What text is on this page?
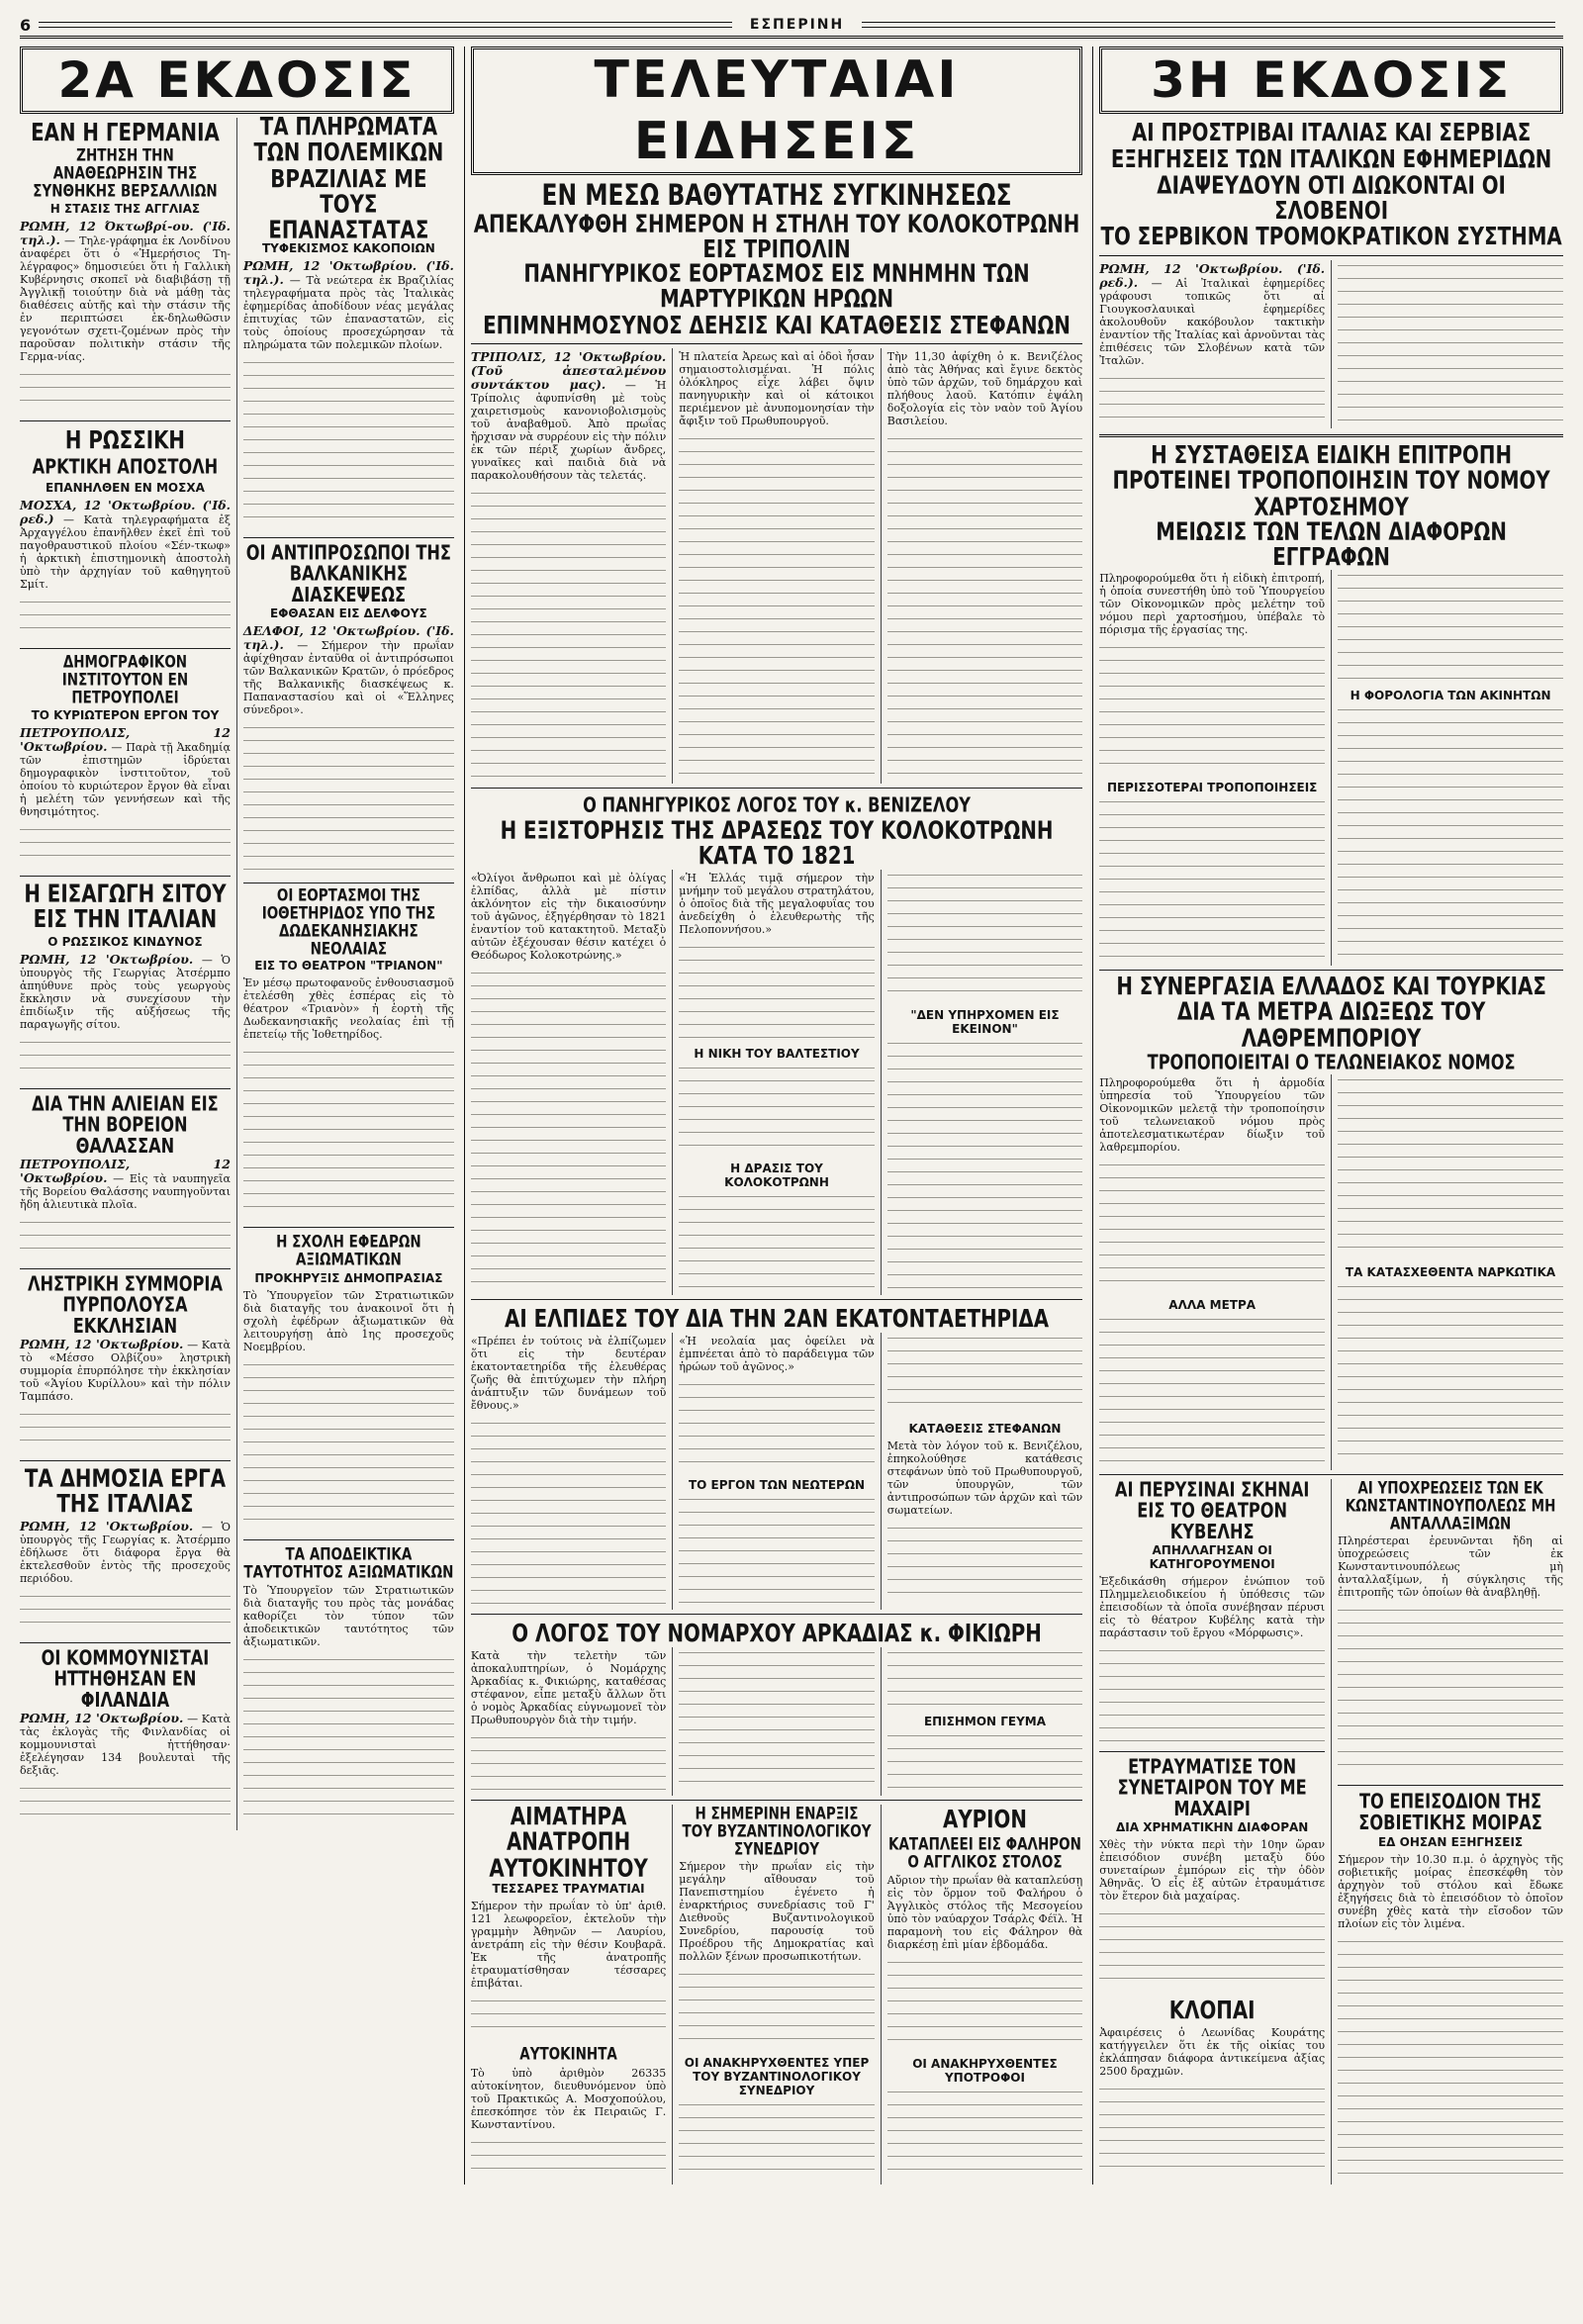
6	ΕΣΠΕΡΙΝΗ
2Α ΕΚΔΟΣΙΣ
ΕΑΝ Η ΓΕΡΜΑΝΙΑ
ΖΗΤΗΣΗ ΤΗΝ ΑΝΑΘΕΩΡΗΣΙΝ ΤΗΣ ΣΥΝΘΗΚΗΣ ΒΕΡΣΑΛΛΙΩΝ
Η ΣΤΑΣΙΣ ΤΗΣ ΑΓΓΛΙΑΣ
ΡΩΜΗ, 12 Όκτωβρί-ου. ('Ιδ. τηλ.). — Τηλε-γράφημα ἐκ Λονδίνου ἀναφέρει ὅτι ὁ «Ἡμερήσιος Τη-λέγραφος» δημοσιεύει ὅτι ἡ Γαλλικὴ Κυβέρνησις σκοπεῖ νὰ διαβιβάσῃ τῇ Ἀγγλικῇ τοιούτην διὰ νὰ μάθῃ τὰς διαθέσεις αὐτῆς καὶ τὴν στάσιν τῆς ἐν περιπτώσει ἐκ-δηλωθῶσιν γεγονότων σχετι-ζομένων πρὸς τὴν παροῦσαν πολιτικὴν στάσιν τῆς Γερμα-νίας.
Η ΡΩΣΣΙΚΗ
ΑΡΚΤΙΚΗ ΑΠΟΣΤΟΛΗ
ΕΠΑΝΗΛΘΕΝ ΕΝ ΜΟΣΧΑ
ΜΟΣΧΑ, 12 'Οκτωβρίου. ('Ιδ. ρεδ.) — Κατὰ τηλεγραφήματα ἐξ Ἀρχαγγέλου ἐπανῆλθεν ἐκεῖ ἐπὶ τοῦ παγοθραυστικοῦ πλοίου «Σέν-τκωφ» ἡ ἀρκτικὴ ἐπιστημονικὴ ἀποστολὴ ὑπὸ τὴν ἀρχηγίαν τοῦ καθηγητοῦ Σμίτ.
ΔΗΜΟΓΡΑΦΙΚΟΝ ΙΝΣΤΙΤΟΥΤΟΝ ΕΝ ΠΕΤΡΟΥΠΟΛΕΙ
ΤΟ ΚΥΡΙΩΤΕΡΟΝ ΕΡΓΟΝ ΤΟΥ
ΠΕΤΡΟΥΠΟΛΙΣ, 12 'Οκτωβρίου. — Παρὰ τῇ Ἀκαδημίᾳ τῶν ἐπιστημῶν ἱδρύεται δημογραφικὸν ἰνστιτοῦτον, τοῦ ὁποίου τὸ κυριώτερον ἔργον θὰ εἶναι ἡ μελέτη τῶν γεννήσεων καὶ τῆς θνησιμότητος.
Η ΕΙΣΑΓΩΓΗ ΣΙΤΟΥ ΕΙΣ ΤΗΝ ΙΤΑΛΙΑΝ
Ο ΡΩΣΣΙΚΟΣ ΚΙΝΔΥΝΟΣ
ΡΩΜΗ, 12 'Οκτωβρίου. — Ὁ ὑπουργὸς τῆς Γεωργίας Ἀτσέρμπο ἀπηύθυνε πρὸς τοὺς γεωργοὺς ἔκκλησιν νὰ συνεχίσουν τὴν ἐπιδίωξιν τῆς αὐξήσεως τῆς παραγωγῆς σίτου.
ΔΙΑ ΤΗΝ ΑΛΙΕΙΑΝ ΕΙΣ ΤΗΝ ΒΟΡΕΙΟΝ ΘΑΛΑΣΣΑΝ
ΠΕΤΡΟΥΠΟΛΙΣ, 12 'Οκτωβρίου. — Εἰς τὰ ναυπηγεῖα τῆς Βορείου Θαλάσσης ναυπηγοῦνται ἤδη ἁλιευτικὰ πλοῖα.
ΛΗΣΤΡΙΚΗ ΣΥΜΜΟΡΙΑ ΠΥΡΠΟΛΟΥΣΑ ΕΚΚΛΗΣΙΑΝ
ΡΩΜΗ, 12 'Οκτωβρίου. — Κατὰ τὸ «Μέσσο Ολβίζου» ληστρικὴ συμμορία ἐπυρπόλησε τὴν ἐκκλησίαν τοῦ «Ἁγίου Κυρίλλου» καὶ τὴν πόλιν Ταμπάσο.
ΤΑ ΔΗΜΟΣΙΑ ΕΡΓΑ ΤΗΣ ΙΤΑΛΙΑΣ
ΡΩΜΗ, 12 'Οκτωβρίου. — Ὁ ὑπουργὸς τῆς Γεωργίας κ. Ἀτσέρμπο ἐδήλωσε ὅτι διάφορα ἔργα θὰ ἐκτελεσθοῦν ἐντὸς τῆς προσεχοῦς περιόδου.
ΟΙ ΚΟΜΜΟΥΝΙΣΤΑΙ ΗΤΤΗΘΗΣΑΝ ΕΝ ΦΙΛΑΝΔΙΑ
ΡΩΜΗ, 12 'Οκτωβρίου. — Κατὰ τὰς ἐκλογὰς τῆς Φινλανδίας οἱ κομμουνισταὶ ἠττήθησαν· ἐξελέγησαν 134 βουλευταὶ τῆς δεξιᾶς.
ΤΑ ΠΛΗΡΩΜΑΤΑ ΤΩΝ ΠΟΛΕΜΙΚΩΝ ΒΡΑΖΙΛΙΑΣ ΜΕ ΤΟΥΣ ΕΠΑΝΑΣΤΑΤΑΣ
ΤΥΦΕΚΙΣΜΟΣ ΚΑΚΟΠΟΙΩΝ
ΡΩΜΗ, 12 'Οκτωβρίου. ('Ιδ. τηλ.). — Τὰ νεώτερα ἐκ Βραζιλίας τηλεγραφήματα πρὸς τὰς Ἰταλικὰς ἐφημερίδας ἀποδίδουν νέας μεγάλας ἐπιτυχίας τῶν ἐπαναστατῶν, εἰς τοὺς ὁποίους προσεχώρησαν τὰ πληρώματα τῶν πολεμικῶν πλοίων.
ΟΙ ΑΝΤΙΠΡΟΣΩΠΟΙ ΤΗΣ ΒΑΛΚΑΝΙΚΗΣ ΔΙΑΣΚΕΨΕΩΣ
ΕΦΘΑΣΑΝ ΕΙΣ ΔΕΛΦΟΥΣ
ΔΕΛΦΟΙ, 12 'Οκτωβρίου. ('Ιδ. τηλ.). — Σήμερον τὴν πρωΐαν ἀφίχθησαν ἐνταῦθα οἱ ἀντιπρόσωποι τῶν Βαλκανικῶν Κρατῶν, ὁ πρόεδρος τῆς Βαλκανικῆς διασκέψεως κ. Παπαναστασίου καὶ οἱ «Ἕλληνες σύνεδροι».
ΟΙ ΕΟΡΤΑΣΜΟΙ ΤΗΣ ΙΟΘΕΤΗΡΙΔΟΣ ΥΠΟ ΤΗΣ ΔΩΔΕΚΑΝΗΣΙΑΚΗΣ ΝΕΟΛΑΙΑΣ
ΕΙΣ ΤΟ ΘΕΑΤΡΟΝ "ΤΡΙΑΝΟΝ"
Ἐν μέσῳ πρωτοφανοῦς ἐνθουσιασμοῦ ἐτελέσθη χθὲς ἑσπέρας εἰς τὸ θέατρον «Τριανὸν» ἡ ἑορτὴ τῆς Δωδεκανησιακῆς νεολαίας ἐπὶ τῇ ἐπετείῳ τῆς Ἰοθετηρίδος.
Η ΣΧΟΛΗ ΕΦΕΔΡΩΝ ΑΞΙΩΜΑΤΙΚΩΝ
ΠΡΟΚΗΡΥΞΙΣ ΔΗΜΟΠΡΑΣΙΑΣ
Τὸ Ὑπουργεῖον τῶν Στρατιωτικῶν διὰ διαταγῆς του ἀνακοινοῖ ὅτι ἡ σχολὴ ἐφέδρων ἀξιωματικῶν θὰ λειτουργήσῃ ἀπὸ 1ης προσεχοῦς Νοεμβρίου.
ΤΑ ΑΠΟΔΕΙΚΤΙΚΑ ΤΑΥΤΟΤΗΤΟΣ ΑΞΙΩΜΑΤΙΚΩΝ
Τὸ Ὑπουργεῖον τῶν Στρατιωτικῶν διὰ διαταγῆς του πρὸς τὰς μονάδας καθορίζει τὸν τύπον τῶν ἀποδεικτικῶν ταυτότητος τῶν ἀξιωματικῶν.
ΤΕΛΕΥΤΑΙΑΙ ΕΙΔΗΣΕΙΣ
ΕΝ ΜΕΣΩ ΒΑΘΥΤΑΤΗΣ ΣΥΓΚΙΝΗΣΕΩΣ
ΑΠΕΚΑΛΥΦΘΗ ΣΗΜΕΡΟΝ Η ΣΤΗΛΗ ΤΟΥ ΚΟΛΟΚΟΤΡΩΝΗ ΕΙΣ ΤΡΙΠΟΛΙΝ
ΠΑΝΗΓΥΡΙΚΟΣ ΕΟΡΤΑΣΜΟΣ ΕΙΣ ΜΝΗΜΗΝ ΤΩΝ ΜΑΡΤΥΡΙΚΩΝ ΗΡΩΩΝ
ΕΠΙΜΝΗΜΟΣΥΝΟΣ ΔΕΗΣΙΣ ΚΑΙ ΚΑΤΑΘΕΣΙΣ ΣΤΕΦΑΝΩΝ
ΤΡΙΠΟΛΙΣ, 12 'Οκτωβρίου. (Τοῦ ἀπεσταλμένου συντάκτου μας). — Ἡ Τρίπολις ἀφυπνίσθη μὲ τοὺς χαιρετισμοὺς κανονιοβολισμοὺς τοῦ ἀναβαθμοῦ. Ἀπὸ πρωΐας ἤρχισαν νὰ συρρέουν εἰς τὴν πόλιν ἐκ τῶν πέριξ χωρίων ἄνδρες, γυναῖκες καὶ παιδιὰ διὰ νὰ παρακολουθήσουν τὰς τελετάς.
Ἡ πλατεία Ἀρεως καὶ αἱ ὁδοὶ ἦσαν σημαιοστολισμέναι. Ἡ πόλις ὁλόκληρος εἶχε λάβει ὄψιν πανηγυρικὴν καὶ οἱ κάτοικοι περιέμενον μὲ ἀνυπομονησίαν τὴν ἄφιξιν τοῦ Πρωθυπουργοῦ.
Τὴν 11,30 ἀφίχθη ὁ κ. Βενιζέλος ἀπὸ τὰς Ἀθήνας καὶ ἔγινε δεκτὸς ὑπὸ τῶν ἀρχῶν, τοῦ δημάρχου καὶ πλήθους λαοῦ. Κατόπιν ἐψάλη δοξολογία εἰς τὸν ναὸν τοῦ Ἁγίου Βασιλείου.
Ο ΠΑΝΗΓΥΡΙΚΟΣ ΛΟΓΟΣ ΤΟΥ κ. ΒΕΝΙΖΕΛΟΥ
Η ΕΞΙΣΤΟΡΗΣΙΣ ΤΗΣ ΔΡΑΣΕΩΣ ΤΟΥ ΚΟΛΟΚΟΤΡΩΝΗ ΚΑΤΑ ΤΟ 1821
«Ὀλίγοι ἄνθρωποι καὶ μὲ ὀλίγας ἐλπίδας, ἀλλὰ μὲ πίστιν ἀκλόνητον εἰς τὴν δικαιοσύνην τοῦ ἀγῶνος, ἐξηγέρθησαν τὸ 1821 ἐναντίον τοῦ κατακτητοῦ. Μεταξὺ αὐτῶν ἐξέχουσαν θέσιν κατέχει ὁ Θεόδωρος Κολοκοτρώνης.»
«Ἡ Ἑλλάς τιμᾷ σήμερον τὴν μνήμην τοῦ μεγάλου στρατηλάτου, ὁ ὁποῖος διὰ τῆς μεγαλοφυΐας του ἀνεδείχθη ὁ ἐλευθερωτὴς τῆς Πελοποννήσου.»
Η ΝΙΚΗ ΤΟΥ ΒΑΛΤΕΣΤΙΟΥ
Η ΔΡΑΣΙΣ ΤΟΥ ΚΟΛΟΚΟΤΡΩΝΗ
"ΔΕΝ ΥΠΗΡΧΟΜΕΝ ΕΙΣ ΕΚΕΙΝΟΝ"
ΑΙ ΕΛΠΙΔΕΣ ΤΟΥ ΔΙΑ ΤΗΝ 2ΑΝ ΕΚΑΤΟΝΤΑΕΤΗΡΙΔΑ
«Πρέπει ἐν τούτοις νὰ ἐλπίζωμεν ὅτι εἰς τὴν δευτέραν ἑκατονταετηρίδα τῆς ἐλευθέρας ζωῆς θὰ ἐπιτύχωμεν τὴν πλήρη ἀνάπτυξιν τῶν δυνάμεων τοῦ ἔθνους.»
«Ἡ νεολαία μας ὀφείλει νὰ ἐμπνέεται ἀπὸ τὸ παράδειγμα τῶν ἡρώων τοῦ ἀγῶνος.»
ΤΟ ΕΡΓΟΝ ΤΩΝ ΝΕΩΤΕΡΩΝ
ΚΑΤΑΘΕΣΙΣ ΣΤΕΦΑΝΩΝ
Μετὰ τὸν λόγον τοῦ κ. Βενιζέλου, ἐπηκολούθησε κατάθεσις στεφάνων ὑπὸ τοῦ Πρωθυπουργοῦ, τῶν ὑπουργῶν, τῶν ἀντιπροσώπων τῶν ἀρχῶν καὶ τῶν σωματείων.
Ο ΛΟΓΟΣ ΤΟΥ ΝΟΜΑΡΧΟΥ ΑΡΚΑΔΙΑΣ κ. ΦΙΚΙΩΡΗ
Κατὰ τὴν τελετὴν τῶν ἀποκαλυπτηρίων, ὁ Νομάρχης Ἀρκαδίας κ. Φικιώρης, καταθέσας στέφανον, εἶπε μεταξὺ ἄλλων ὅτι ὁ νομὸς Ἀρκαδίας εὐγνωμονεῖ τὸν Πρωθυπουργὸν διὰ τὴν τιμήν.	ΕΠΙΣΗΜΟΝ ΓΕΥΜΑ
ΑΙΜΑΤΗΡΑ ΑΝΑΤΡΟΠΗ ΑΥΤΟΚΙΝΗΤΟΥ
ΤΕΣΣΑΡΕΣ ΤΡΑΥΜΑΤΙΑΙ
Σήμερον τὴν πρωΐαν τὸ ὑπ' ἀριθ. 121 λεωφορεῖον, ἐκτελοῦν τὴν γραμμὴν Ἀθηνῶν — Λαυρίου, ἀνετράπη εἰς τὴν θέσιν Κουβαρᾶ. Ἐκ τῆς ἀνατροπῆς ἐτραυματίσθησαν τέσσαρες ἐπιβάται.
ΑΥΤΟΚΙΝΗΤΑ
Τὸ ὑπὸ ἀριθμὸν 26335 αὐτοκίνητον, διευθυνόμενον ὑπὸ τοῦ Πρακτικῶς Α. Μοσχοπούλου, ἐπεσκόπησε τὸν ἐκ Πειραιῶς Γ. Κωνσταντίνου.
Η ΣΗΜΕΡΙΝΗ ΕΝΑΡΞΙΣ ΤΟΥ ΒΥΖΑΝΤΙΝΟΛΟΓΙΚΟΥ ΣΥΝΕΔΡΙΟΥ
Σήμερον τὴν πρωΐαν εἰς τὴν μεγάλην αἴθουσαν τοῦ Πανεπιστημίου ἐγένετο ἡ ἐναρκτήριος συνεδρίασις τοῦ Γ' Διεθνοῦς Βυζαντινολογικοῦ Συνεδρίου, παρουσίᾳ τοῦ Προέδρου τῆς Δημοκρατίας καὶ πολλῶν ξένων προσωπικοτήτων.
ΟΙ ΑΝΑΚΗΡΥΧΘΕΝΤΕΣ ΥΠΕΡ ΤΟΥ ΒΥΖΑΝΤΙΝΟΛΟΓΙΚΟΥ ΣΥΝΕΔΡΙΟΥ
ΑΥΡΙΟΝ
ΚΑΤΑΠΛΕΕΙ ΕΙΣ ΦΑΛΗΡΟΝ Ο ΑΓΓΛΙΚΟΣ ΣΤΟΛΟΣ
Αὔριον τὴν πρωΐαν θὰ καταπλεύσῃ εἰς τὸν ὅρμον τοῦ Φαλήρου ὁ Ἀγγλικὸς στόλος τῆς Μεσογείου ὑπὸ τὸν ναύαρχον Τσάρλς Φέϊλ. Ἡ παραμονὴ του εἰς Φάληρον θὰ διαρκέσῃ ἐπὶ μίαν ἑβδομάδα.
ΟΙ ΑΝΑΚΗΡΥΧΘΕΝΤΕΣ ΥΠΟΤΡΟΦΟΙ
3Η ΕΚΔΟΣΙΣ
ΑΙ ΠΡΟΣΤΡΙΒΑΙ ΙΤΑΛΙΑΣ ΚΑΙ ΣΕΡΒΙΑΣ
ΕΞΗΓΗΣΕΙΣ ΤΩΝ ΙΤΑΛΙΚΩΝ ΕΦΗΜΕΡΙΔΩΝ
ΔΙΑΨΕΥΔΟΥΝ ΟΤΙ ΔΙΩΚΟΝΤΑΙ ΟΙ ΣΛΟΒΕΝΟΙ
ΤΟ ΣΕΡΒΙΚΟΝ ΤΡΟΜΟΚΡΑΤΙΚΟΝ ΣΥΣΤΗΜΑ
ΡΩΜΗ, 12 'Οκτωβρίου. ('Ιδ. ρεδ.). — Αἱ Ἰταλικαὶ ἐφημερίδες γράφουσι τοπικῶς ὅτι αἱ Γιουγκοσλαυικαὶ ἐφημερίδες ἀκολουθοῦν κακόβουλον τακτικὴν ἐναντίον τῆς Ἰταλίας καὶ ἀρνοῦνται τὰς ἐπιθέσεις τῶν Σλοβένων κατὰ τῶν Ἰταλῶν.
Η ΣΥΣΤΑΘΕΙΣΑ ΕΙΔΙΚΗ ΕΠΙΤΡΟΠΗ ΠΡΟΤΕΙΝΕΙ ΤΡΟΠΟΠΟΙΗΣΙΝ ΤΟΥ ΝΟΜΟΥ ΧΑΡΤΟΣΗΜΟΥ
ΜΕΙΩΣΙΣ ΤΩΝ ΤΕΛΩΝ ΔΙΑΦΟΡΩΝ ΕΓΓΡΑΦΩΝ
Πληροφορούμεθα ὅτι ἡ εἰδικὴ ἐπιτροπή, ἡ ὁποία συνεστήθη ὑπὸ τοῦ Ὑπουργείου τῶν Οἰκονομικῶν πρὸς μελέτην τοῦ νόμου περὶ χαρτοσήμου, ὑπέβαλε τὸ πόρισμα τῆς ἐργασίας της.
ΠΕΡΙΣΣΟΤΕΡΑΙ ΤΡΟΠΟΠΟΙΗΣΕΙΣ
Η ΦΟΡΟΛΟΓΙΑ ΤΩΝ ΑΚΙΝΗΤΩΝ
Η ΣΥΝΕΡΓΑΣΙΑ ΕΛΛΑΔΟΣ ΚΑΙ ΤΟΥΡΚΙΑΣ ΔΙΑ ΤΑ ΜΕΤΡΑ ΔΙΩΞΕΩΣ ΤΟΥ ΛΑΘΡΕΜΠΟΡΙΟΥ
ΤΡΟΠΟΠΟΙΕΙΤΑΙ Ο ΤΕΛΩΝΕΙΑΚΟΣ ΝΟΜΟΣ
Πληροφορούμεθα ὅτι ἡ ἀρμοδία ὑπηρεσία τοῦ Ὑπουργείου τῶν Οἰκονομικῶν μελετᾷ τὴν τροποποίησιν τοῦ τελωνειακοῦ νόμου πρὸς ἀποτελεσματικωτέραν δίωξιν τοῦ λαθρεμπορίου.
ΑΛΛΑ ΜΕΤΡΑ
ΤΑ ΚΑΤΑΣΧΕΘΕΝΤΑ ΝΑΡΚΩΤΙΚΑ
ΑΙ ΠΕΡΥΣΙΝΑΙ ΣΚΗΝΑΙ ΕΙΣ ΤΟ ΘΕΑΤΡΟΝ ΚΥΒΕΛΗΣ
ΑΠΗΛΛΑΓΗΣΑΝ ΟΙ ΚΑΤΗΓΟΡΟΥΜΕΝΟΙ
Ἐξεδικάσθη σήμερον ἐνώπιον τοῦ Πλημμελειοδικείου ἡ ὑπόθεσις τῶν ἐπεισοδίων τὰ ὁποῖα συνέβησαν πέρυσι εἰς τὸ θέατρον Κυβέλης κατὰ τὴν παράστασιν τοῦ ἔργου «Μόρφωσις».
ΕΤΡΑΥΜΑΤΙΣΕ ΤΟΝ ΣΥΝΕΤΑΙΡΟΝ ΤΟΥ ΜΕ ΜΑΧΑΙΡΙ
ΔΙΑ ΧΡΗΜΑΤΙΚΗΝ ΔΙΑΦΟΡΑΝ
Χθὲς τὴν νύκτα περὶ τὴν 10ην ὥραν ἐπεισόδιον συνέβη μεταξὺ δύο συνεταίρων ἐμπόρων εἰς τὴν ὁδὸν Ἀθηνᾶς. Ὁ εἷς ἐξ αὐτῶν ἐτραυμάτισε τὸν ἕτερον διὰ μαχαίρας.
ΚΛΟΠΑΙ
Ἀφαιρέσεις ὁ Λεωνίδας Κουράτης κατήγγειλεν ὅτι ἐκ τῆς οἰκίας του ἐκλάπησαν διάφορα ἀντικείμενα ἀξίας 2500 δραχμῶν.
ΑΙ ΥΠΟΧΡΕΩΣΕΙΣ ΤΩΝ ΕΚ ΚΩΝΣΤΑΝΤΙΝΟΥΠΟΛΕΩΣ ΜΗ ΑΝΤΑΛΛΑΞΙΜΩΝ
Πληρέστεραι ἐρευνῶνται ἤδη αἱ ὑποχρεώσεις τῶν ἐκ Κωνσταντινουπόλεως μὴ ἀνταλλαξίμων, ἡ σύγκλησις τῆς ἐπιτροπῆς τῶν ὁποίων θὰ ἀναβληθῇ.
ΤΟ ΕΠΕΙΣΟΔΙΟΝ ΤΗΣ ΣΟΒΙΕΤΙΚΗΣ ΜΟΙΡΑΣ
ΕΔ ΟΗΣΑΝ ΕΞΗΓΗΣΕΙΣ
Σήμερον τὴν 10.30 π.μ. ὁ ἀρχηγὸς τῆς σοβιετικῆς μοίρας ἐπεσκέφθη τὸν ἀρχηγὸν τοῦ στόλου καὶ ἔδωκε ἐξηγήσεις διὰ τὸ ἐπεισόδιον τὸ ὁποῖον συνέβη χθὲς κατὰ τὴν εἴσοδον τῶν πλοίων εἰς τὸν λιμένα.
